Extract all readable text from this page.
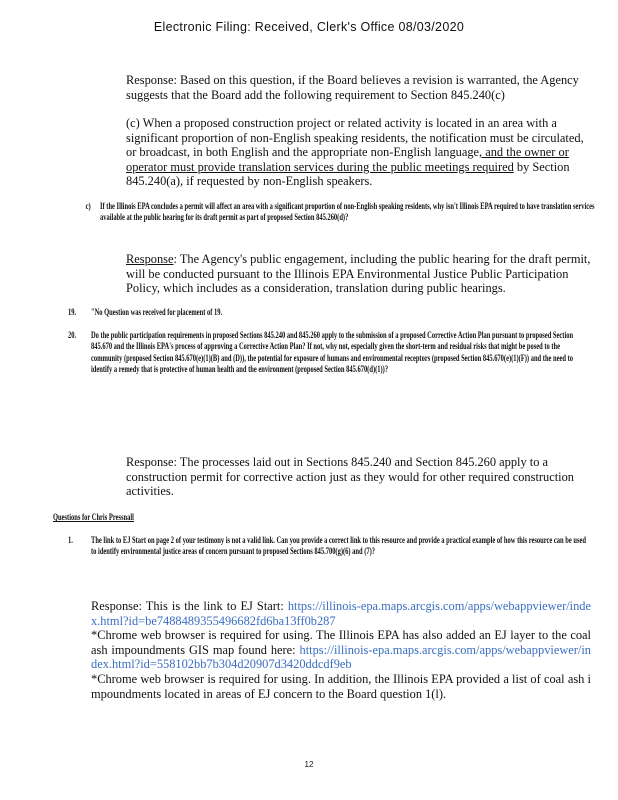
Electronic Filing: Received, Clerk's Office 08/03/2020
Response: Based on this question, if the Board believes a revision is warranted, the Agency suggests that the Board add the following requirement to Section 845.240(c)
(c) When a proposed construction project or related activity is located in an area with a significant proportion of non-English speaking residents, the notification must be circulated, or broadcast, in both English and the appropriate non-English language, and the owner or operator must provide translation services during the public meetings required by Section 845.240(a), if requested by non-English speakers.
c) If the Illinois EPA concludes a permit will affect an area with a significant proportion of non-English speaking residents, why isn't Illinois EPA required to have translation services available at the public hearing for its draft permit as part of proposed Section 845.260(d)?
Response: The Agency's public engagement, including the public hearing for the draft permit, will be conducted pursuant to the Illinois EPA Environmental Justice Public Participation Policy, which includes as a consideration, translation during public hearings.
19. "No Question was received for placement of 19.
20. Do the public participation requirements in proposed Sections 845.240 and 845.260 apply to the submission of a proposed Corrective Action Plan pursuant to proposed Section 845.670 and the Illinois EPA's process of approving a Corrective Action Plan? If not, why not, especially given the short-term and residual risks that might be posed to the community (proposed Section 845.670(e)(1)(B) and (D)), the potential for exposure of humans and environmental receptors (proposed Section 845.670(e)(1)(F)) and the need to identify a remedy that is protective of human health and the environment (proposed Section 845.670(d)(1))?
Response: The processes laid out in Sections 845.240 and Section 845.260 apply to a construction permit for corrective action just as they would for other required construction activities.
Questions for Chris Pressnall
1. The link to EJ Start on page 2 of your testimony is not a valid link. Can you provide a correct link to this resource and provide a practical example of how this resource can be used to identify environmental justice areas of concern pursuant to proposed Sections 845.700(g)(6) and (7)?
Response: This is the link to EJ Start: https://illinois-epa.maps.arcgis.com/apps/webappviewer/index.html?id=be7488489355496682fd6ba13ff0b287
*Chrome web browser is required for using. The Illinois EPA has also added an EJ layer to the coal ash impoundments GIS map found here: https://illinois-epa.maps.arcgis.com/apps/webappviewer/index.html?id=558102bb7b304d20907d3420ddcdf9eb
*Chrome web browser is required for using. In addition, the Illinois EPA provided a list of coal ash impoundments located in areas of EJ concern to the Board question 1(l).
12
